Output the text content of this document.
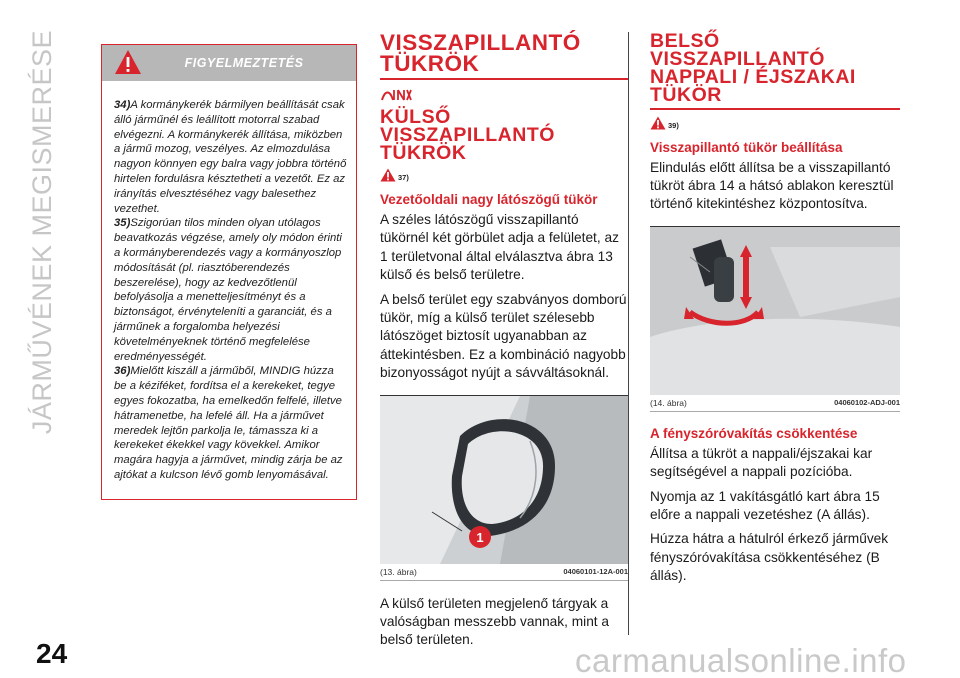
JÁRMŰVÉNEK MEGISMERÉSE	FIGYELMEZTETÉS

34)A kormánykerék bármilyen beállítását csak álló járműnél és leállított motorral szabad elvégezni. A kormánykerék állítása, miközben a jármű mozog, veszélyes. Az elmozdulása nagyon könnyen egy balra vagy jobbra történő hirtelen fordulásra késztetheti a vezetőt. Ez az irányítás elvesztéséhez vagy balesethez vezethet.

35)Szigorúan tilos minden olyan utólagos beavatkozás végzése, amely oly módon érinti a kormányberendezés vagy a kormányoszlop módosítását (pl. riasztóberendezés beszerelése), hogy az kedvezőtlenül befolyásolja a menetteljesítményt és a biztonságot, érvényteleníti a garanciát, és a járműnek a forgalomba helyezési követelményeknek történő megfelelése eredményességét.

36)Mielőtt kiszáll a járműből, MINDIG húzza be a kéziféket, fordítsa el a kerekeket, tegye egyes fokozatba, ha emelkedőn felfelé, illetve hátramenetbe, ha lefelé áll. Ha a járművet meredek lejtőn parkolja le, támassza ki a kerekeket ékekkel vagy kövekkel. Amikor magára hagyja a járművet, mindig zárja be az ajtókat a kulcson lévő gomb lenyomásával.

VISSZAPILLANTÓ
TÜKRÖK
KÜLSŐ VISSZAPILLANTÓ
TÜKRÖK
37)
Vezetőoldali nagy látószögű tükör

A széles látószögű visszapillantó tükörnél két görbület adja a felületet, az 1 területvonal által elválasztva ábra 13 külső és belső területre.

A belső terület egy szabványos domború tükör, míg a külső terület szélesebb látószöget biztosít ugyanabban az áttekintésben. Ez a kombináció nagyobb bizonyosságot nyújt a sávváltásoknál.

1
(13. ábra)	04060101-12A-001

A külső területen megjelenő tárgyak a valóságban messzebb vannak, mint a belső területen.

BELSŐ VISSZAPILLANTÓ
NAPPALI / ÉJSZAKAI
TÜKÖR
39)
Visszapillantó tükör beállítása

Elindulás előtt állítsa be a visszapillantó tükröt ábra 14 a hátsó ablakon keresztül történő kitekintéshez központosítva.

(14. ábra)	04060102-ADJ-001
A fényszóróvakítás csökkentése

Állítsa a tükröt a nappali/éjszakai kar segítségével a nappali pozícióba.

Nyomja az 1 vakításgátló kart ábra 15 előre a nappali vezetéshez (A állás).

Húzza hátra a hátulról érkező járművek fényszóróvakítása csökkentéséhez (B állás).

24	carmanualsonline.info
